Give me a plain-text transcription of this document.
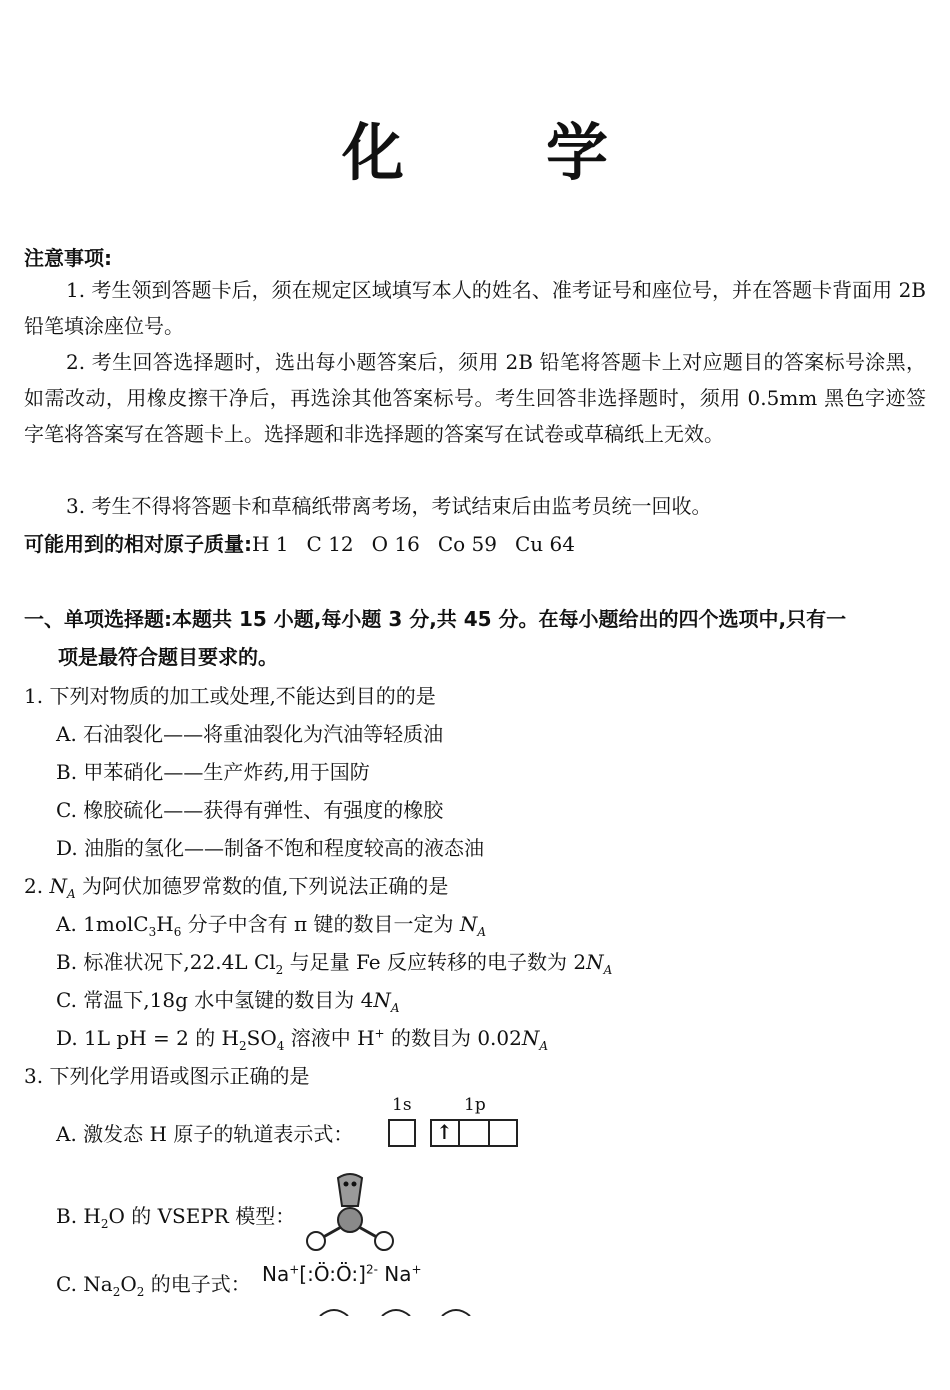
化　学
注意事项:
1. 考生领到答题卡后，须在规定区域填写本人的姓名、准考证号和座位号，并在答题卡背面用 2B 铅笔填涂座位号。
2. 考生回答选择题时，选出每小题答案后，须用 2B 铅笔将答题卡上对应题目的答案标号涂黑，如需改动，用橡皮擦干净后，再选涂其他答案标号。考生回答非选择题时，须用 0.5mm 黑色字迹签字笔将答案写在答题卡上。选择题和非选择题的答案写在试卷或草稿纸上无效。
3. 考生不得将答题卡和草稿纸带离考场，考试结束后由监考员统一回收。
可能用到的相对原子质量:H 1 C 12 O 16 Co 59 Cu 64
一、单项选择题:本题共 15 小题,每小题 3 分,共 45 分。在每小题给出的四个选项中,只有一
项是最符合题目要求的。
1. 下列对物质的加工或处理,不能达到目的的是
A. 石油裂化——将重油裂化为汽油等轻质油
B. 甲苯硝化——生产炸药,用于国防
C. 橡胶硫化——获得有弹性、有强度的橡胶
D. 油脂的氢化——制备不饱和程度较高的液态油
2. $N_A$ 为阿伏加德罗常数的值,下列说法正确的是
A. $1molC_3H_6$ 分子中含有 π 键的数目一定为 $N_A$
B. 标准状况下,22.4L $Cl_2$ 与足量 Fe 反应转移的电子数为 $2N_A$
C. 常温下,18g 水中氢键的数目为 $4N_A$
D. 1L pH = 2 的 $H_2SO_4$ 溶液中 H+ 的数目为 $0.02N_A$
3. 下列化学用语或图示正确的是
A. 激发态 H 原子的轨道表示式：
1s	1p
↑
B. $H_2O$ 的 VSEPR 模型：
C. $Na_2O_2$ 的电子式： Na+[:Ö:Ö:]$^{2-}$ Na+
